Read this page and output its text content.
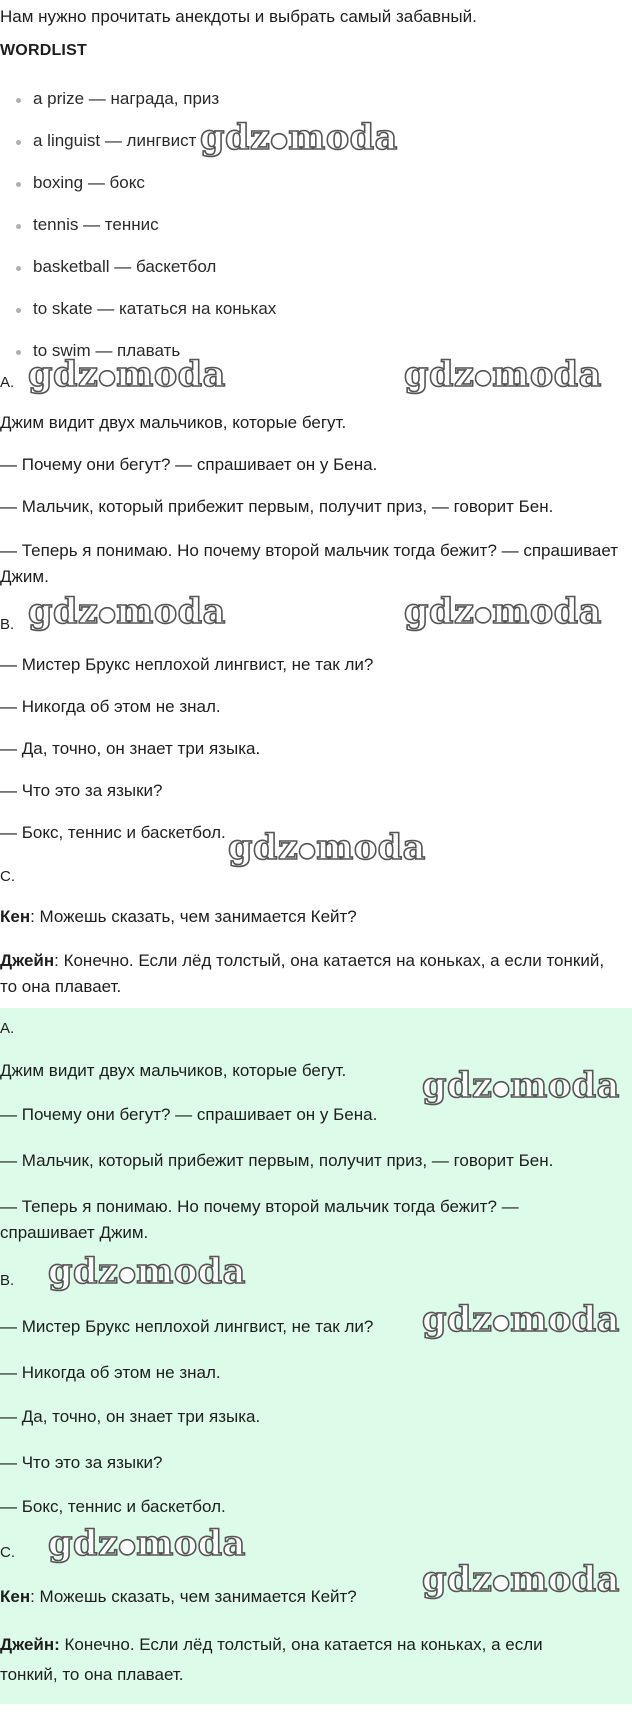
Нам нужно прочитать анекдоты и выбрать самый забавный.

WORDLIST

a prize — награда, приз
a linguist — лингвист
boxing — бокс
tennis — теннис
basketball — баскетбол
to skate — кататься на коньках
to swim — плавать

A.

Джим видит двух мальчиков, которые бегут.

— Почему они бегут? — спрашивает он у Бена.

— Мальчик, который прибежит первым, получит приз, — говорит Бен.

— Теперь я понимаю. Но почему второй мальчик тогда бежит? — спрашивает Джим.

B.

— Мистер Брукс неплохой лингвист, не так ли?

— Никогда об этом не знал.

— Да, точно, он знает три языка.

— Что это за языки?

— Бокс, теннис и баскетбол.

C.

Кен: Можешь сказать, чем занимается Кейт?

Джейн: Конечно. Если лёд толстый, она катается на коньках, а если тонкий, то она плавает.

A.

Джим видит двух мальчиков, которые бегут.

— Почему они бегут? — спрашивает он у Бена.

— Мальчик, который прибежит первым, получит приз, — говорит Бен.

— Теперь я понимаю. Но почему второй мальчик тогда бежит? — спрашивает Джим.

B.

— Мистер Брукс неплохой лингвист, не так ли?

— Никогда об этом не знал.

— Да, точно, он знает три языка.

— Что это за языки?

— Бокс, теннис и баскетбол.

C.

Кен: Можешь сказать, чем занимается Кейт?

Джейн: Конечно. Если лёд толстый, она катается на коньках, а если тонкий, то она плавает.

gdz●moda
gdz●moda	gdz●moda
gdz●moda	gdz●moda
gdz●moda
gdz●moda
gdz●moda
gdz●moda
gdz●moda
gdz●moda
